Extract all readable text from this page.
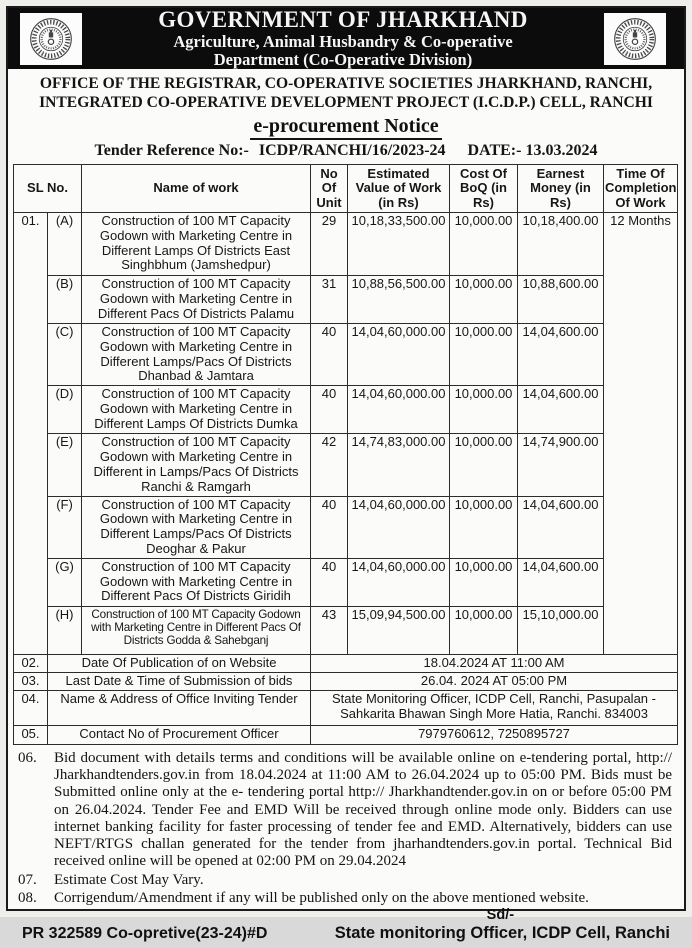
GOVERNMENT OF JHARKHAND
Agriculture, Animal Husbandry & Co-operative
Department (Co-Operative Division)
OFFICE OF THE REGISTRAR, CO-OPERATIVE SOCIETIES JHARKHAND, RANCHI,
INTEGRATED CO-OPERATIVE DEVELOPMENT PROJECT (I.C.D.P.) CELL, RANCHI
e-procurement Notice
Tender Reference No:- ICDP/RANCHI/16/2023-24 DATE:- 13.03.2024
SL No.		Name of work	No Of Unit	Estimated Value of Work (in Rs)	Cost Of BoQ (in Rs)	Earnest Money (in Rs)	Time Of Completion Of Work
01.	(A)	Construction of 100 MT Capacity Godown with Marketing Centre in Different Lamps Of Districts East Singhbhum (Jamshedpur)	29	10,18,33,500.00	10,000.00	10,18,400.00	12 Months
	(B)	Construction of 100 MT Capacity Godown with Marketing Centre in Different Pacs Of Districts Palamu	31	10,88,56,500.00	10,000.00	10,88,600.00	
	(C)	Construction of 100 MT Capacity Godown with Marketing Centre in Different Lamps/Pacs Of Districts Dhanbad & Jamtara	40	14,04,60,000.00	10,000.00	14,04,600.00	
	(D)	Construction of 100 MT Capacity Godown with Marketing Centre in Different Lamps Of Districts Dumka	40	14,04,60,000.00	10,000.00	14,04,600.00	
	(E)	Construction of 100 MT Capacity Godown with Marketing Centre in Different in Lamps/Pacs Of Districts Ranchi & Ramgarh	42	14,74,83,000.00	10,000.00	14,74,900.00	
	(F)	Construction of 100 MT Capacity Godown with Marketing Centre in Different Lamps/Pacs Of Districts Deoghar & Pakur	40	14,04,60,000.00	10,000.00	14,04,600.00	
	(G)	Construction of 100 MT Capacity Godown with Marketing Centre in Different Pacs Of Districts Giridih	40	14,04,60,000.00	10,000.00	14,04,600.00	
	(H)	Construction of 100 MT Capacity Godown with Marketing Centre in Different Pacs Of Districts Godda & Sahebganj	43	15,09,94,500.00	10,000.00	15,10,000.00	
02.	Date Of Publication of on Website		18.04.2024 AT 11:00 AM				
03.	Last Date & Time of Submission of bids		26.04. 2024 AT 05:00 PM				
04.	Name & Address of Office Inviting Tender		State Monitoring Officer, ICDP Cell, Ranchi, Pasupalan - Sahkarita Bhawan Singh More Hatia, Ranchi. 834003				
05.	Contact No of Procurement Officer		7979760612, 7250895727				
06.	Bid document with details terms and conditions will be available online on e-tendering portal, http:// Jharkhandtenders.gov.in from 18.04.2024 at 11:00 AM to 26.04.2024 up to 05:00 PM. Bids must be Submitted online only at the e- tendering portal http:// Jharkhandtender.gov.in on or before 05:00 PM on 26.04.2024. Tender Fee and EMD Will be received through online mode only. Bidders can use internet banking facility for faster processing of tender fee and EMD. Alternatively, bidders can use NEFT/RTGS challan generated for the tender from jharhandtenders.gov.in portal. Technical Bid received online will be opened at 02:00 PM on 29.04.2024
07.	Estimate Cost May Vary.
08.	Corrigendum/Amendment if any will be published only on the above mentioned website.
PR 322589 Co-opretive(23-24)#D
Sd/-
State monitoring Officer, ICDP Cell, Ranchi
